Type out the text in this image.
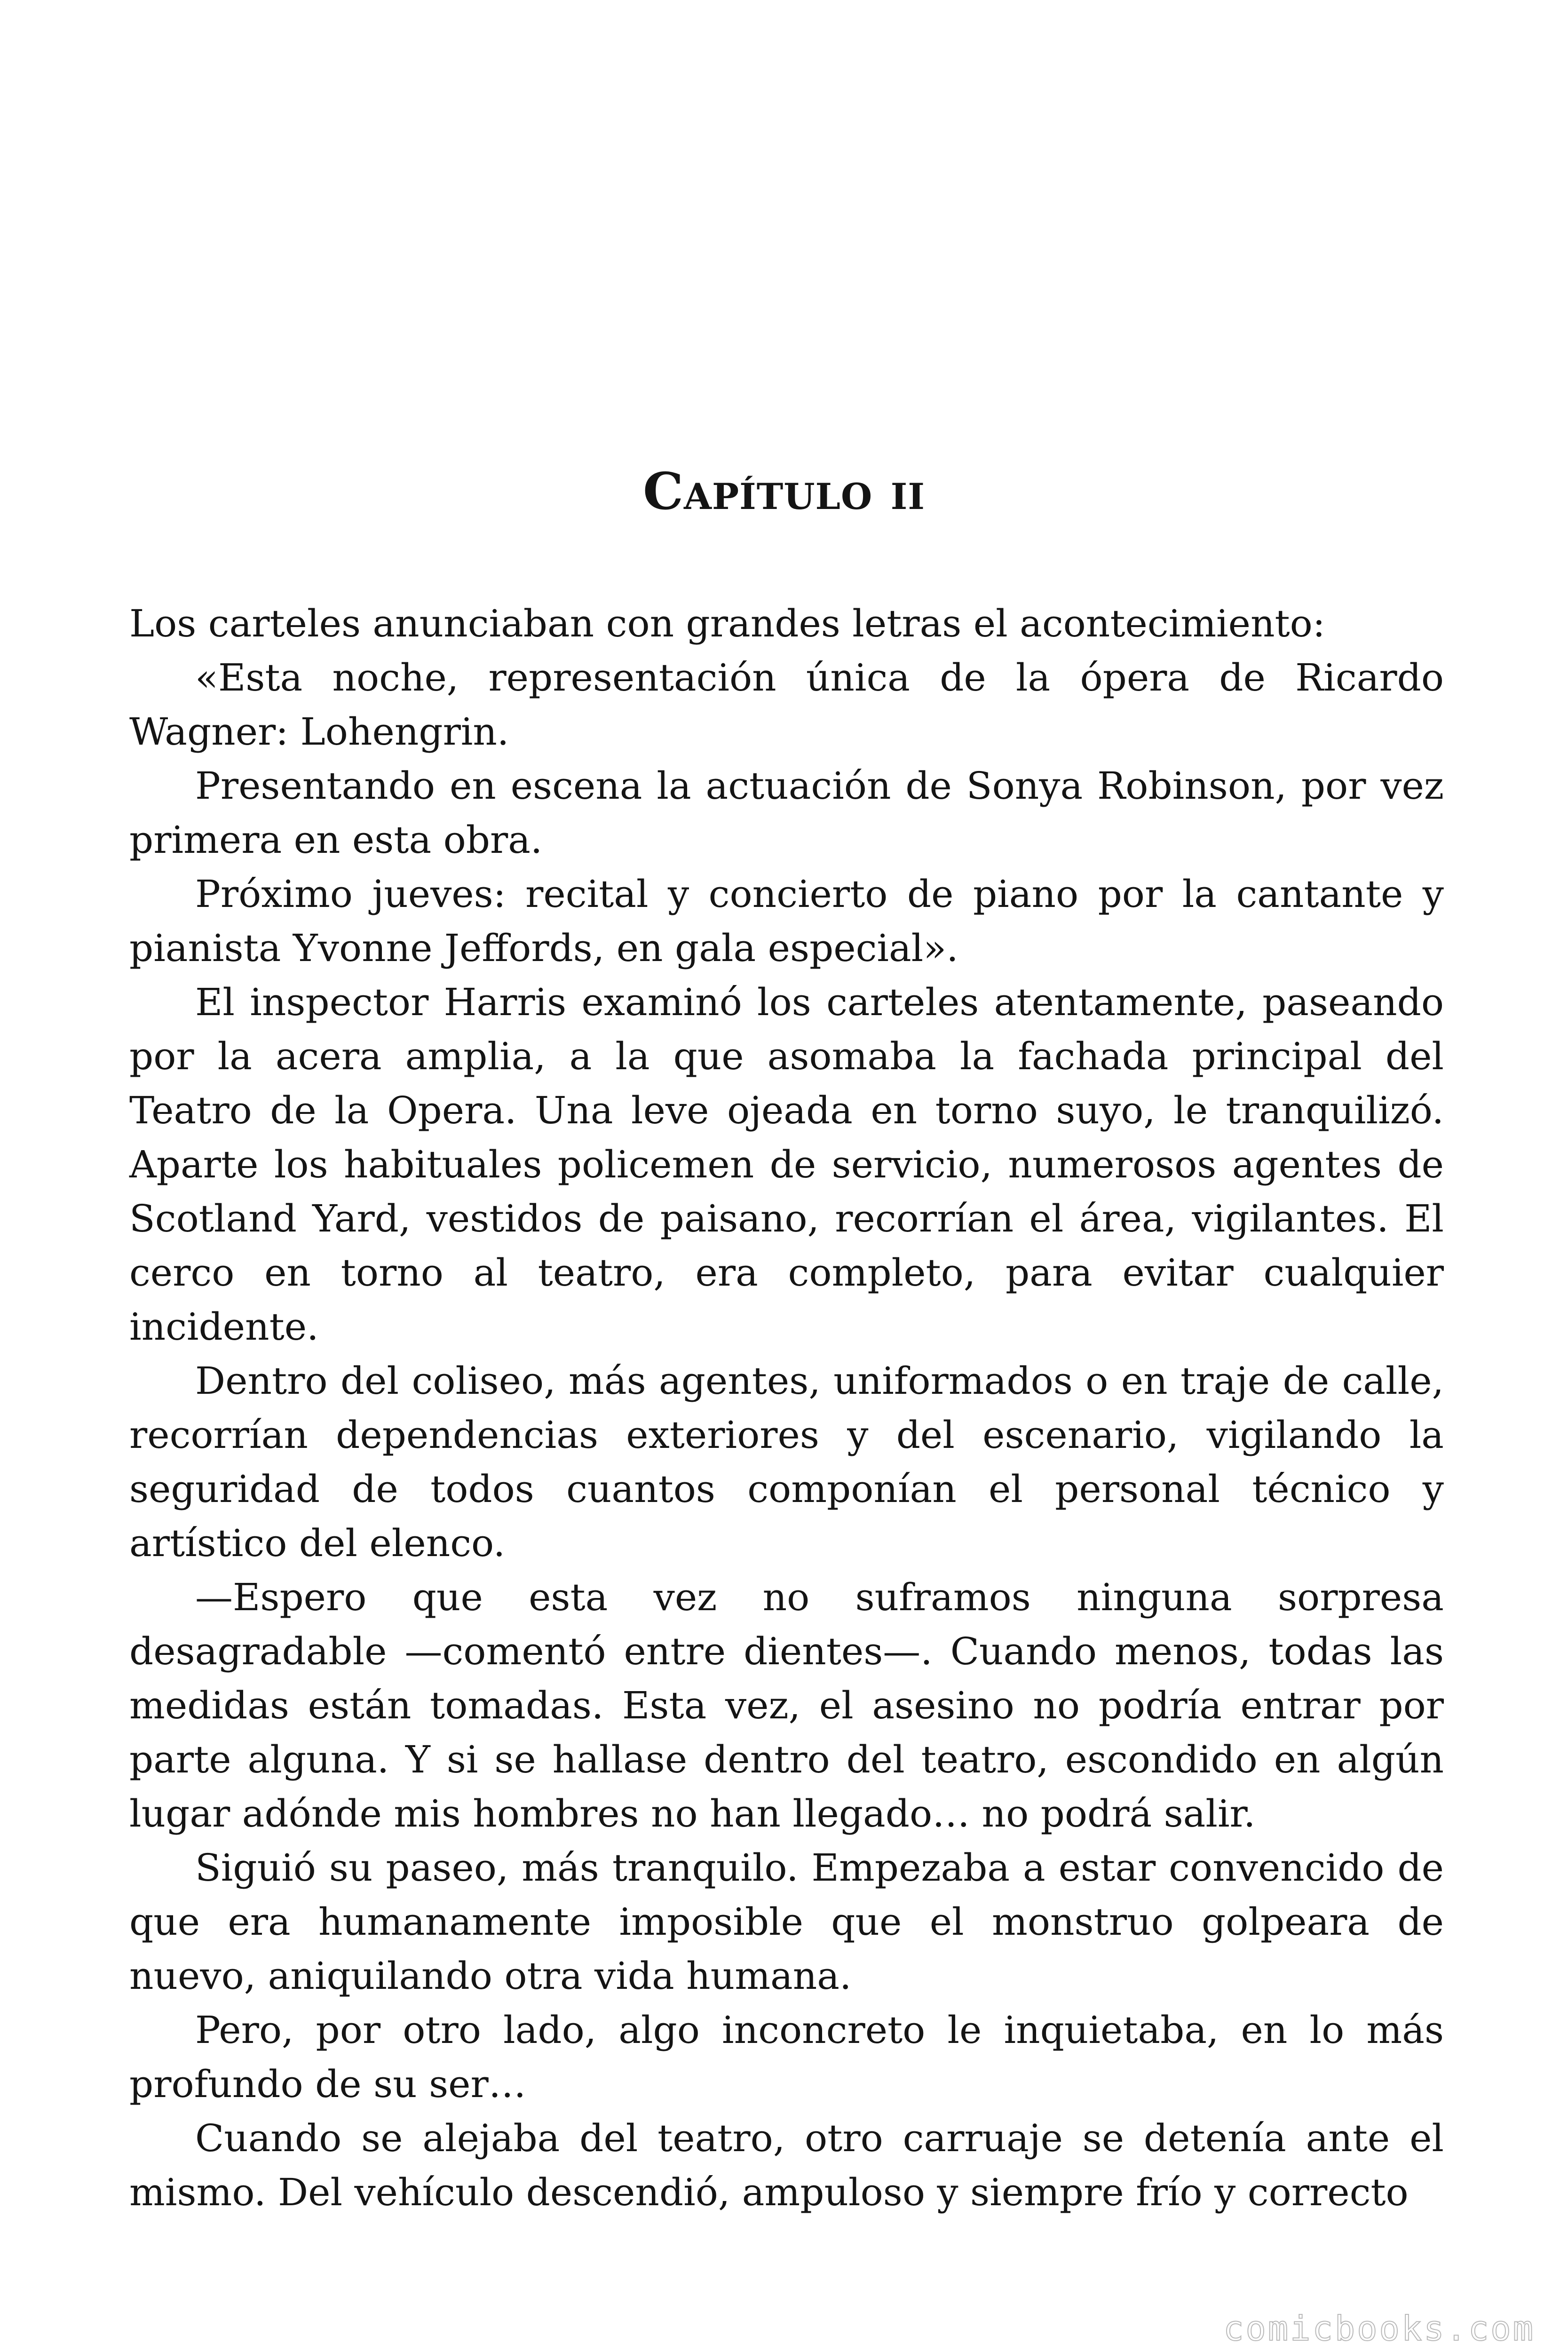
Capítulo ii

Los carteles anunciaban con grandes letras el acontecimiento:

«Esta noche, representación única de la ópera de Ricardo Wagner: Lohengrin.

Presentando en escena la actuación de Sonya Robinson, por vez primera en esta obra.

Próximo jueves: recital y concierto de piano por la cantante y pianista Yvonne Jeffords, en gala especial».

El inspector Harris examinó los carteles atentamente, paseando por la acera amplia, a la que asomaba la fachada principal del Teatro de la Opera. Una leve ojeada en torno suyo, le tranquilizó. Aparte los habituales policemen de servicio, numerosos agentes de Scotland Yard, vestidos de paisano, recorrían el área, vigilantes. El cerco en torno al teatro, era completo, para evitar cualquier incidente.

Dentro del coliseo, más agentes, uniformados o en traje de calle, recorrían dependencias exteriores y del escenario, vigilando la seguridad de todos cuantos componían el personal técnico y artístico del elenco.

—Espero que esta vez no suframos ninguna sorpresa desagradable —comentó entre dientes—. Cuando menos, todas las medidas están tomadas. Esta vez, el asesino no podría entrar por parte alguna. Y si se hallase dentro del teatro, escondido en algún lugar adónde mis hombres no han llegado… no podrá salir.

Siguió su paseo, más tranquilo. Empezaba a estar convencido de que era humanamente imposible que el monstruo golpeara de nuevo, aniquilando otra vida humana.

Pero, por otro lado, algo inconcreto le inquietaba, en lo más profundo de su ser…

Cuando se alejaba del teatro, otro carruaje se detenía ante el mismo. Del vehículo descendió, ampuloso y siempre frío y correcto

comicbooks.com
